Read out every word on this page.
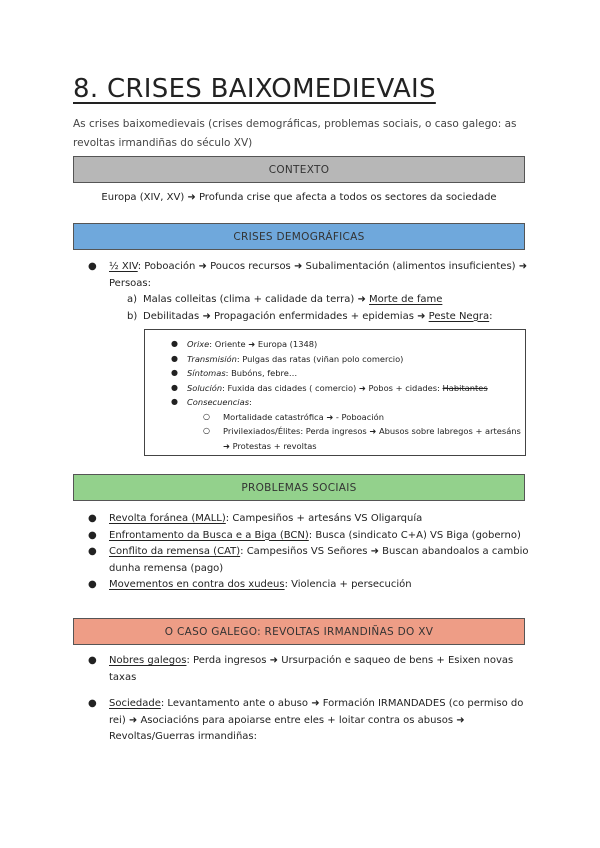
8. CRISES BAIXOMEDIEVAIS
As crises baixomedievais (crises demográficas, problemas sociais, o caso galego: as revoltas irmandiñas do século XV)
CONTEXTO
Europa (XIV, XV) ➜ Profunda crise que afecta a todos os sectores da sociedade
CRISES DEMOGRÁFICAS
●	½ XIV: Poboación ➜ Poucos recursos ➜ Subalimentación (alimentos insuficientes) ➜ Persoas:
a) Malas colleitas (clima + calidade da terra) ➜ Morte de fame
b) Debilitadas ➜ Propagación enfermidades + epidemias ➜ Peste Negra:
● Orixe: Oriente ➜ Europa (1348)
● Transmisión: Pulgas das ratas (viñan polo comercio)
● Síntomas: Bubóns, febre…
● Solución: Fuxida das cidades ( comercio) ➜ Pobos + cidades: Habitantes
● Consecuencias:
○ Mortalidade catastrófica ➜ - Poboación
○ Privilexiados/Élites: Perda ingresos ➜ Abusos sobre labregos + artesáns ➜ Protestas + revoltas
PROBLEMAS SOCIAIS
●	Revolta foránea (MALL): Campesiños + artesáns VS Oligarquía
●	Enfrontamento da Busca e a Biga (BCN): Busca (sindicato C+A) VS Biga (goberno)
●	Conflito da remensa (CAT): Campesiños VS Señores ➜ Buscan abandoalos a cambio dunha remensa (pago)
●	Movementos en contra dos xudeus: Violencia + persecución
O CASO GALEGO: REVOLTAS IRMANDIÑAS DO XV
●	Nobres galegos: Perda ingresos ➜ Ursurpación e saqueo de bens + Esixen novas taxas
●	Sociedade: Levantamento ante o abuso ➜ Formación IRMANDADES (co permiso do rei) ➜ Asociacións para apoiarse entre eles + loitar contra os abusos ➜ Revoltas/Guerras irmandiñas:
